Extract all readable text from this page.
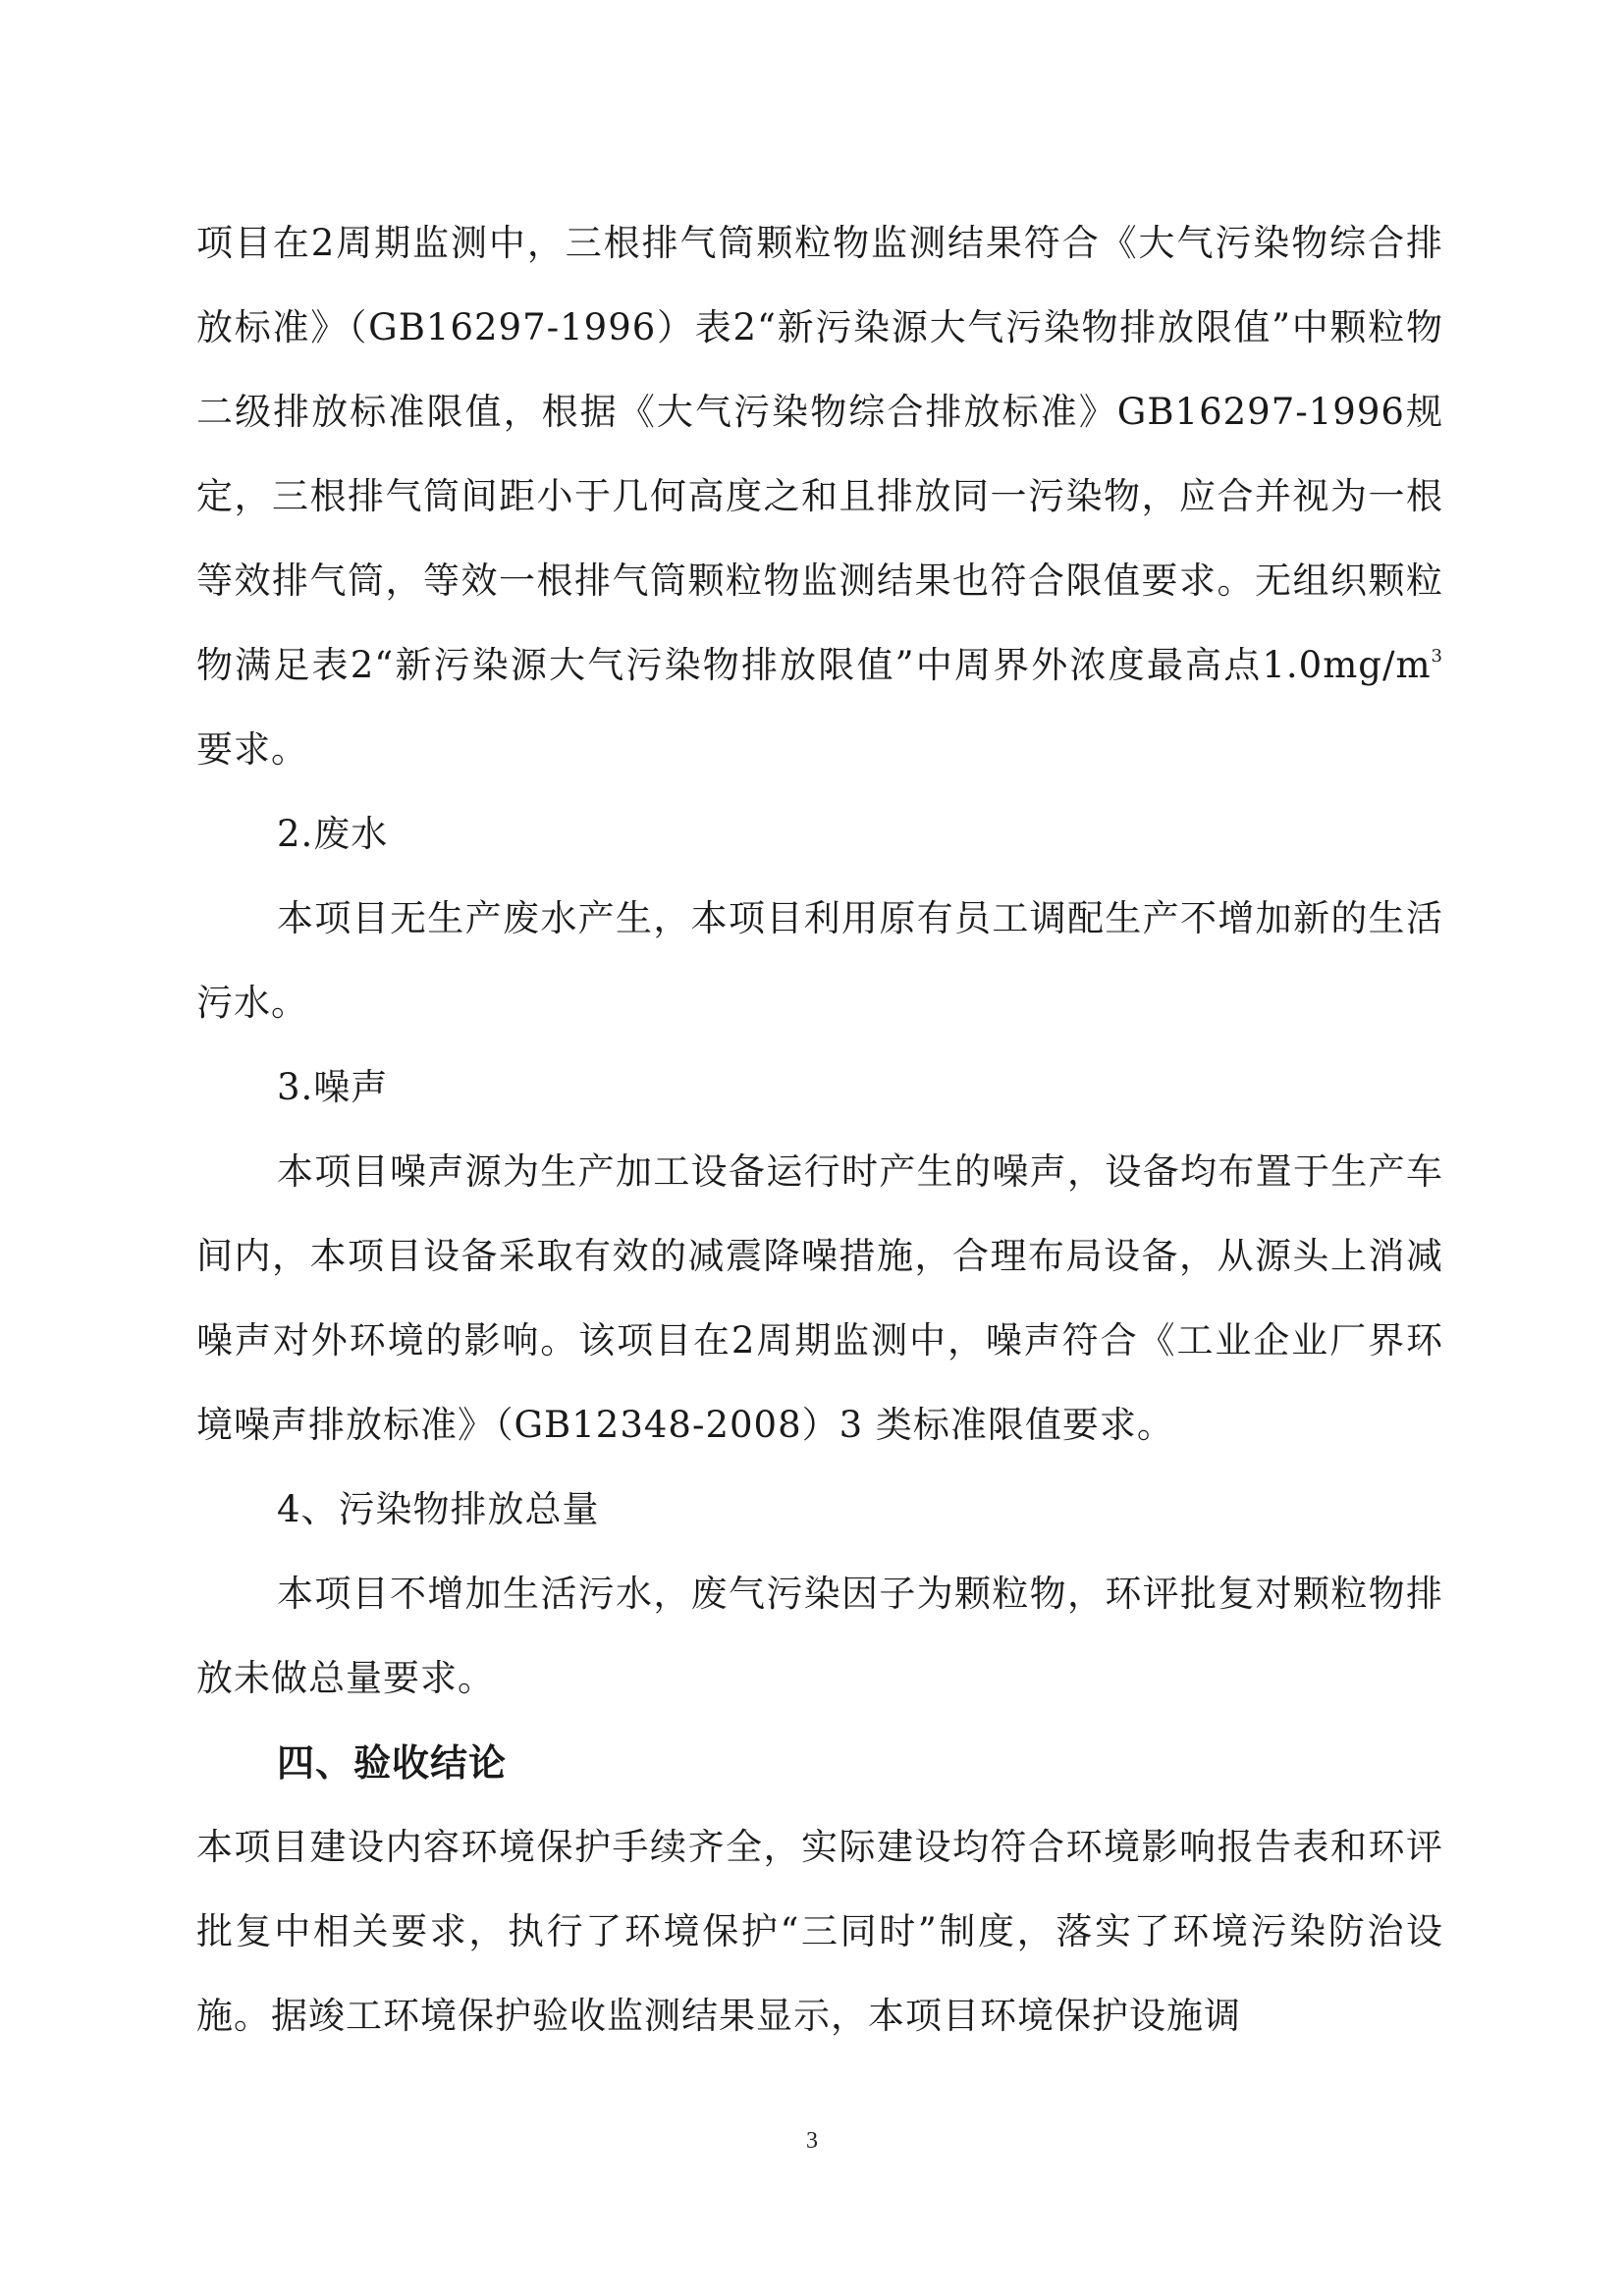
项目在2周期监测中，三根排气筒颗粒物监测结果符合《大气污染物综合排放标准》（GB16297-1996）表2“新污染源大气污染物排放限值”中颗粒物二级排放标准限值，根据《大气污染物综合排放标准》GB16297-1996规定，三根排气筒间距小于几何高度之和且排放同一污染物，应合并视为一根等效排气筒，等效一根排气筒颗粒物监测结果也符合限值要求。无组织颗粒物满足表2“新污染源大气污染物排放限值”中周界外浓度最高点$1.0mg/m^3$要求。

2.废水

本项目无生产废水产生，本项目利用原有员工调配生产不增加新的生活污水。

3.噪声

本项目噪声源为生产加工设备运行时产生的噪声，设备均布置于生产车间内，本项目设备采取有效的减震降噪措施，合理布局设备，从源头上消减噪声对外环境的影响。该项目在2周期监测中，噪声符合《工业企业厂界环境噪声排放标准》（GB12348-2008）3 类标准限值要求。

4、污染物排放总量

本项目不增加生活污水，废气污染因子为颗粒物，环评批复对颗粒物排放未做总量要求。

四、验收结论

本项目建设内容环境保护手续齐全，实际建设均符合环境影响报告表和环评批复中相关要求，执行了环境保护“三同时”制度，落实了环境污染防治设施。据竣工环境保护验收监测结果显示，本项目环境保护设施调

3
